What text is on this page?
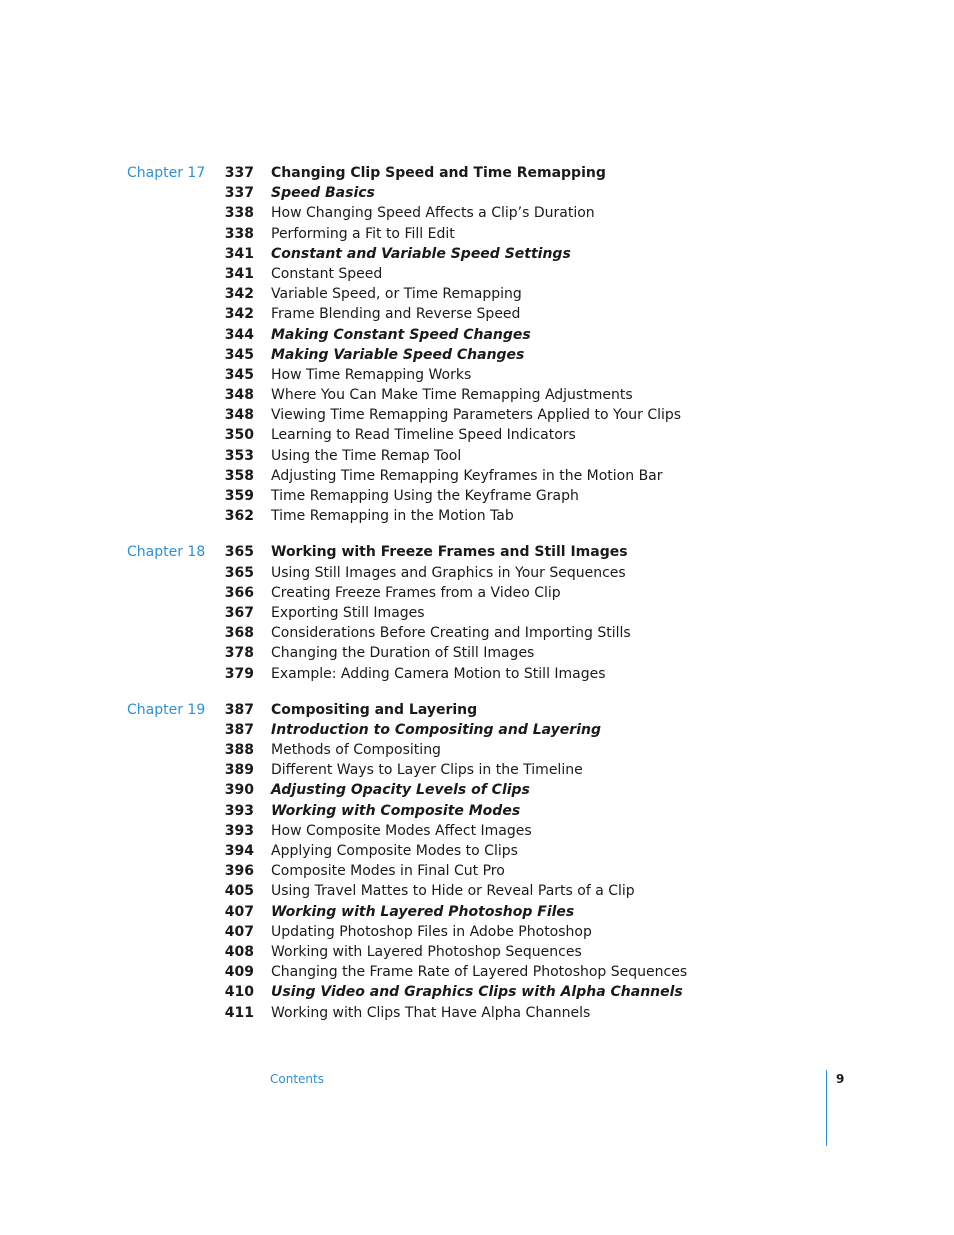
Chapter 17 337 Changing Clip Speed and Time Remapping
337 Speed Basics
338 How Changing Speed Affects a Clip’s Duration
338 Performing a Fit to Fill Edit
341 Constant and Variable Speed Settings
341 Constant Speed
342 Variable Speed, or Time Remapping
342 Frame Blending and Reverse Speed
344 Making Constant Speed Changes
345 Making Variable Speed Changes
345 How Time Remapping Works
348 Where You Can Make Time Remapping Adjustments
348 Viewing Time Remapping Parameters Applied to Your Clips
350 Learning to Read Timeline Speed Indicators
353 Using the Time Remap Tool
358 Adjusting Time Remapping Keyframes in the Motion Bar
359 Time Remapping Using the Keyframe Graph
362 Time Remapping in the Motion Tab
Chapter 18 365 Working with Freeze Frames and Still Images
365 Using Still Images and Graphics in Your Sequences
366 Creating Freeze Frames from a Video Clip
367 Exporting Still Images
368 Considerations Before Creating and Importing Stills
378 Changing the Duration of Still Images
379 Example: Adding Camera Motion to Still Images
Chapter 19 387 Compositing and Layering
387 Introduction to Compositing and Layering
388 Methods of Compositing
389 Different Ways to Layer Clips in the Timeline
390 Adjusting Opacity Levels of Clips
393 Working with Composite Modes
393 How Composite Modes Affect Images
394 Applying Composite Modes to Clips
396 Composite Modes in Final Cut Pro
405 Using Travel Mattes to Hide or Reveal Parts of a Clip
407 Working with Layered Photoshop Files
407 Updating Photoshop Files in Adobe Photoshop
408 Working with Layered Photoshop Sequences
409 Changing the Frame Rate of Layered Photoshop Sequences
410 Using Video and Graphics Clips with Alpha Channels
411 Working with Clips That Have Alpha Channels
Contents	9
